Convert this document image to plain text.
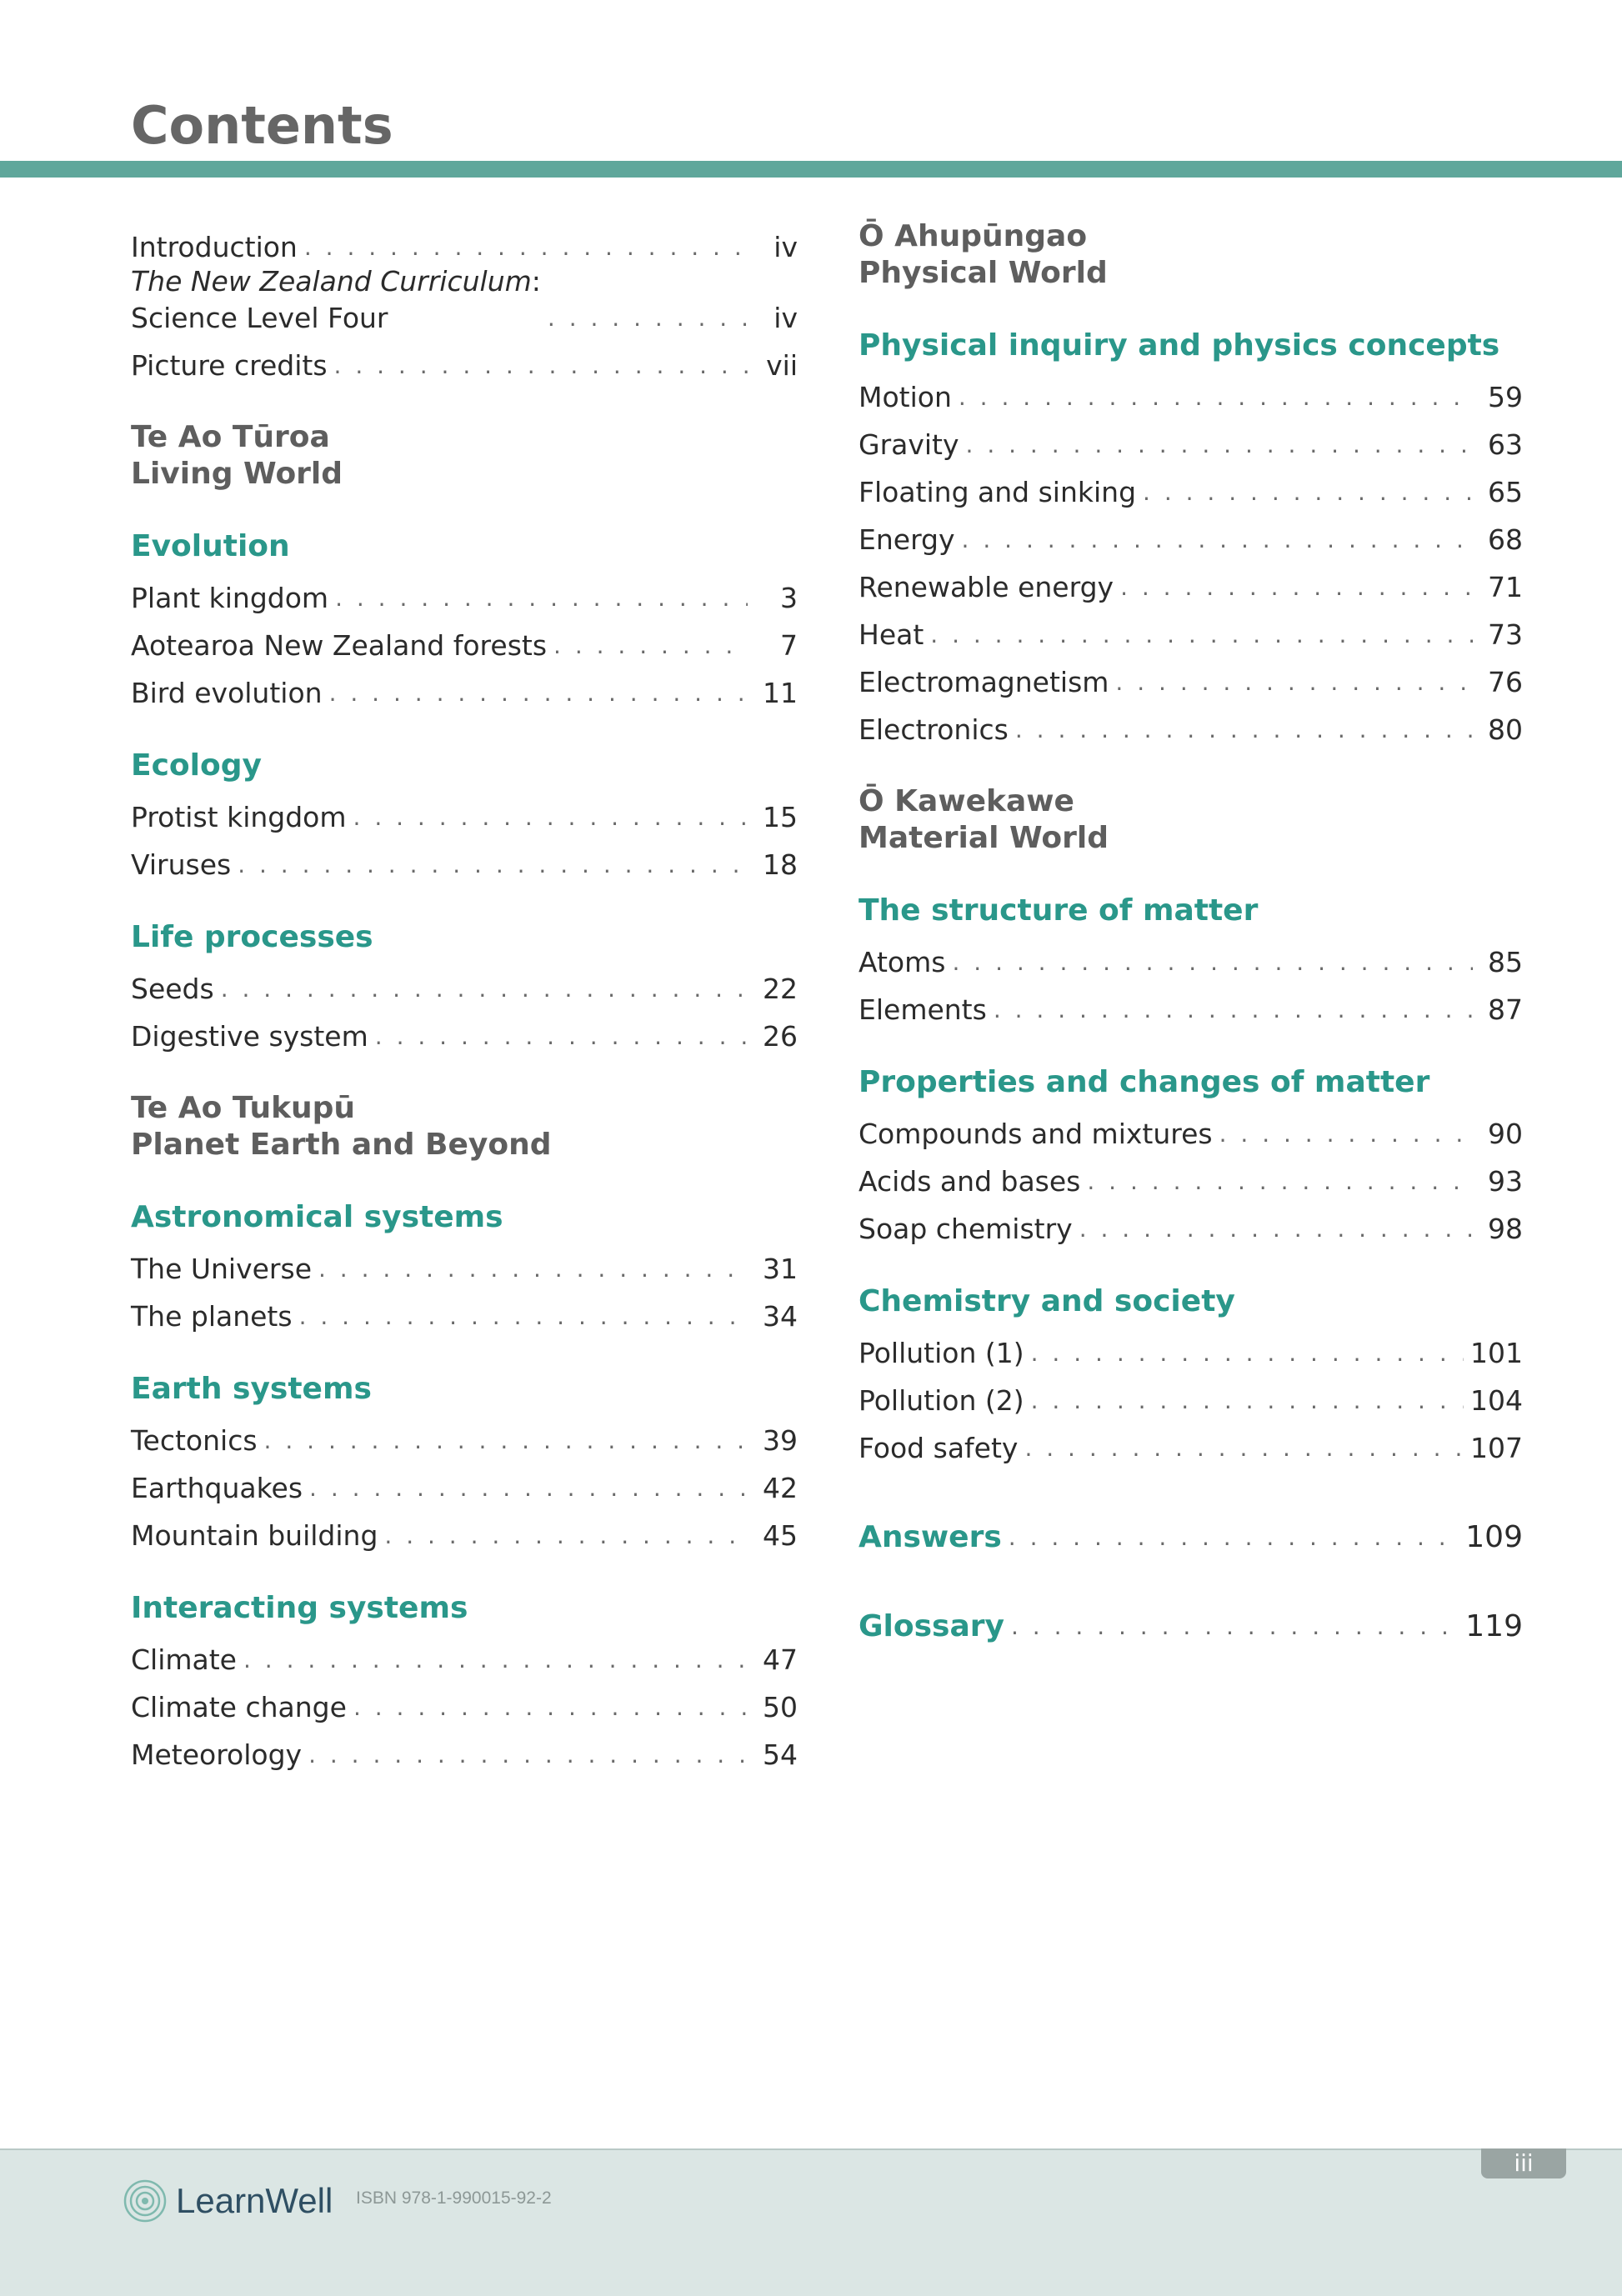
Contents
Introduction . . .	iv
The New Zealand Curriculum:
Science Level Four . . .	iv
Picture credits . . .	vii
Te Ao Tūroa
Living World
Evolution
Plant kingdom . . .	3
Aotearoa New Zealand forests . . .	7
Bird evolution . . .	11
Ecology
Protist kingdom . . .	15
Viruses . . .	18
Life processes
Seeds . . .	22
Digestive system . . .	26
Te Ao Tukupū
Planet Earth and Beyond
Astronomical systems
The Universe . . .	31
The planets . . .	34
Earth systems
Tectonics . . .	39
Earthquakes . . .	42
Mountain building . . .	45
Interacting systems
Climate . . .	47
Climate change . . .	50
Meteorology . . .	54
Ō Ahupūngao
Physical World
Physical inquiry and physics concepts
Motion . . .	59
Gravity . . .	63
Floating and sinking . . .	65
Energy . . .	68
Renewable energy . . .	71
Heat . . .	73
Electromagnetism . . .	76
Electronics . . .	80
Ō Kawekawe
Material World
The structure of matter
Atoms . . .	85
Elements . . .	87
Properties and changes of matter
Compounds and mixtures . . .	90
Acids and bases . . .	93
Soap chemistry . . .	98
Chemistry and society
Pollution (1) . . .	101
Pollution (2) . . .	104
Food safety . . .	107
Answers . . .	109
Glossary . . .	119
iii
LearnWell ISBN 978-1-990015-92-2
